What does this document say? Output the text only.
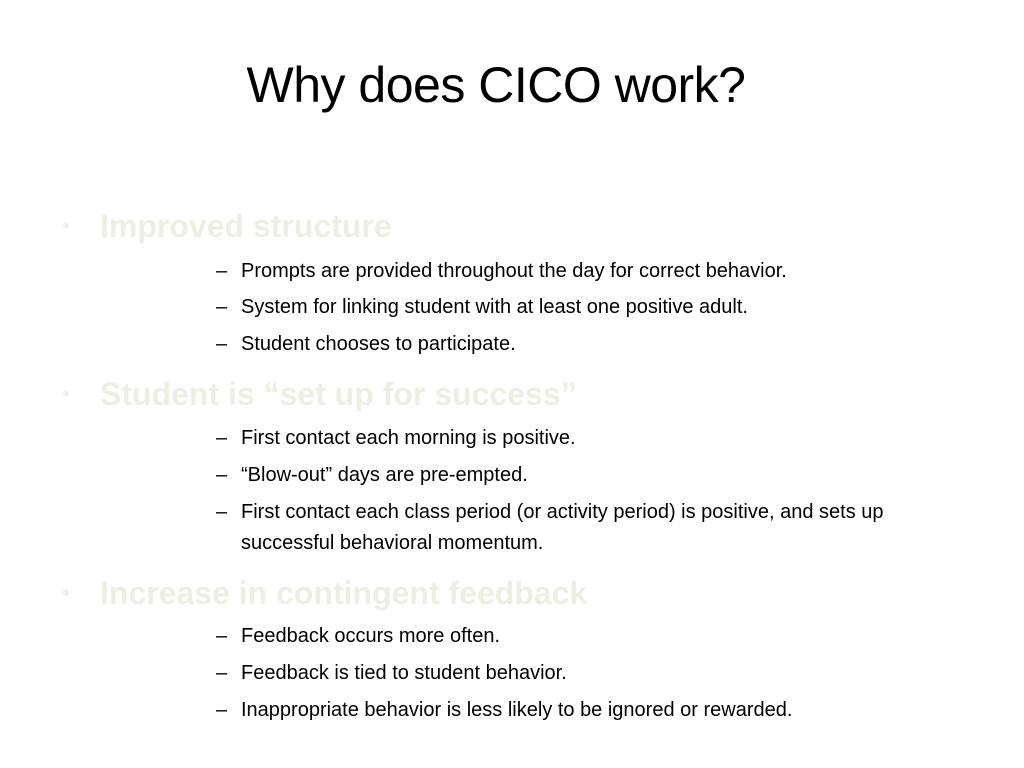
Why does CICO work?
• Improved structure
– Prompts are provided throughout the day for correct behavior.
– System for linking student with at least one positive adult.
– Student chooses to participate.
• Student is “set up for success”
– First contact each morning is positive.
– “Blow-out” days are pre-empted.
– First contact each class period (or activity period) is positive, and sets up successful behavioral momentum.
• Increase in contingent feedback
– Feedback occurs more often.
– Feedback is tied to student behavior.
– Inappropriate behavior is less likely to be ignored or rewarded.
